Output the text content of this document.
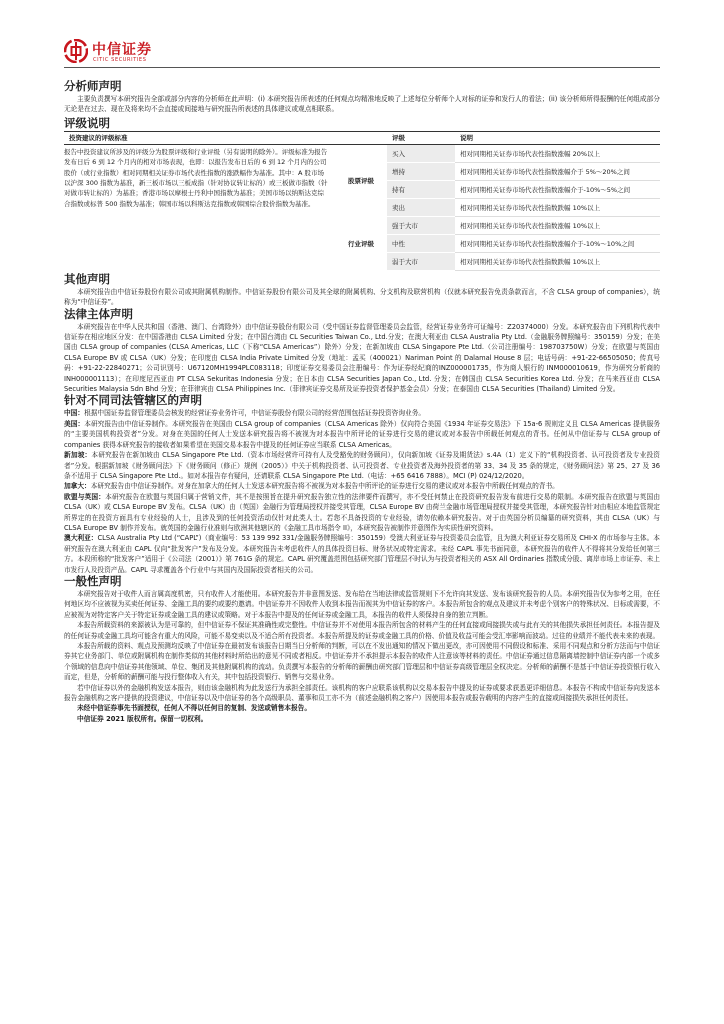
中信证券
CITIC SECURITIES
分析师声明

主要负责撰写本研究报告全部或部分内容的分析师在此声明：(i) 本研究报告所表述的任何观点均精准地反映了上述每位分析师个人对标的证券和发行人的看法；(ii) 该分析师所得报酬的任何组成部分无论是在过去、现在及将来均不会直接或间接地与研究报告所表述的具体建议或观点相联系。

评级说明
投资建议的评级标准		评级	说明
报告中投资建议所涉及的评级分为股票评级和行业评级（另有说明的除外）。评级标准为报告发布日后 6 到 12 个月内的相对市场表现，也即：以报告发布日后的 6 到 12 个月内的公司股价（或行业指数）相对同期相关证券市场代表性指数的涨跌幅作为基准。其中：A 股市场以沪深 300 指数为基准，新三板市场以三板成指（针对协议转让标的）或三板做市指数（针对做市转让标的）为基准；香港市场以摩根士丹利中国指数为基准；美国市场以纳斯达克综合指数或标普 500 指数为基准；韩国市场以科斯达克指数或韩国综合股价指数为基准。	股票评级	买入	相对同期相关证券市场代表性指数涨幅 20%以上
		增持	相对同期相关证券市场代表性指数涨幅介于 5%～20%之间
		持有	相对同期相关证券市场代表性指数涨幅介于-10%～5%之间
		卖出	相对同期相关证券市场代表性指数跌幅 10%以上
	行业评级	强于大市	相对同期相关证券市场代表性指数涨幅 10%以上
		中性	相对同期相关证券市场代表性指数涨幅介于-10%～10%之间
		弱于大市	相对同期相关证券市场代表性指数跌幅 10%以上
其他声明

本研究报告由中信证券股份有限公司或其附属机构制作。中信证券股份有限公司及其全球的附属机构、分支机构及联营机构（仅就本研究报告免责条款而言，不含 CLSA group of companies），统称为“中信证券”。

法律主体声明

本研究报告在中华人民共和国（香港、澳门、台湾除外）由中信证券股份有限公司（受中国证券监督管理委员会监管，经营证券业务许可证编号：Z20374000）分发。本研究报告由下列机构代表中信证券在相应地区分发：在中国香港由 CLSA Limited 分发；在中国台湾由 CL Securities Taiwan Co., Ltd.分发；在澳大利亚由 CLSA Australia Pty Ltd.（金融服务牌照编号：350159）分发；在美国由 CLSA group of companies (CLSA Americas, LLC（下称“CLSA Americas”）除外）分发；在新加坡由 CLSA Singapore Pte Ltd.（公司注册编号：198703750W）分发；在欧盟与英国由 CLSA Europe BV 或 CLSA（UK）分发；在印度由 CLSA India Private Limited 分发（地址：孟买（400021）Nariman Point 的 Dalamal House 8 层；电话号码：+91-22-66505050；传真号码：+91-22-22840271；公司识别号：U67120MH1994PLC083118；印度证券交易委员会注册编号：作为证券经纪商的INZ000001735，作为商人银行的 INM000010619，作为研究分析商的 INH000001113）；在印度尼西亚由 PT CLSA Sekuritas Indonesia 分发；在日本由 CLSA Securities Japan Co., Ltd. 分发；在韩国由 CLSA Securities Korea Ltd. 分发；在马来西亚由 CLSA Securities Malaysia Sdn Bhd 分发；在菲律宾由 CLSA Philippines Inc.（菲律宾证券交易所及证券投资者保护基金会员）分发；在泰国由 CLSA Securities (Thailand) Limited 分发。

针对不同司法管辖区的声明

中国：根据中国证券监督管理委员会核发的经营证券业务许可，中信证券股份有限公司的经营范围包括证券投资咨询业务。

美国：本研究报告由中信证券制作。本研究报告在美国由 CLSA group of companies（CLSA Americas 除外）仅向符合美国《1934 年证券交易法》下 15a-6 规则定义且 CLSA Americas 提供服务的“主要美国机构投资者”分发。对身在美国的任何人士发送本研究报告将不被视为对本报告中所评论的证券进行交易的建议或对本报告中所载任何观点的背书。任何从中信证券与 CLSA group of companies 获得本研究报告的接收者如果希望在美国交易本报告中提及的任何证券应当联系 CLSA Americas。

新加坡：本研究报告在新加坡由 CLSA Singapore Pte Ltd.（资本市场经营许可持有人及受豁免的财务顾问），仅向新加坡《证券及期货法》s.4A（1）定义下的“机构投资者、认可投资者及专业投资者”分发。根据新加坡《财务顾问法》下《财务顾问（修正）规例（2005）》中关于机构投资者、认可投资者、专业投资者及海外投资者的第 33、34 及 35 条的规定，《财务顾问法》第 25、27 及 36 条不适用于 CLSA Singapore Pte Ltd.。如对本报告存有疑问，还请联系 CLSA Singapore Pte Ltd.（电话：+65 6416 7888）。MCI (P) 024/12/2020。

加拿大：本研究报告由中信证券制作。对身在加拿大的任何人士发送本研究报告将不被视为对本报告中所评论的证券进行交易的建议或对本报告中所载任何观点的背书。

欧盟与英国：本研究报告在欧盟与英国归属于营销文件，其不是按照旨在提升研究报告独立性的法律要件而撰写，亦不受任何禁止在投资研究报告发布前进行交易的限制。本研究报告在欧盟与英国由 CLSA（UK）或 CLSA Europe BV 发布。CLSA（UK）由（英国）金融行为管理局授权并接受其管理，CLSA Europe BV 由荷兰金融市场管理局授权并接受其管理，本研究报告针对由相应本地监管规定所界定的在投资方面具有专业经验的人士，且涉及到的任何投资活动仅针对此类人士。若您不具备投资的专业经验，请勿依赖本研究报告。对于由英国分析员编纂的研究资料，其由 CLSA（UK）与 CLSA Europe BV 制作并发布。就英国的金融行业准则与欧洲其他辖区的《金融工具市场指令 II》，本研究报告被制作并意图作为实质性研究资料。

澳大利亚：CLSA Australia Pty Ltd (“CAPL”)（商业编号：53 139 992 331/金融服务牌照编号：350159）受澳大利亚证券与投资委员会监管，且为澳大利亚证券交易所及 CHI-X 的市场参与主体。本研究报告在澳大利亚由 CAPL 仅向“批发客户”发布及分发。本研究报告未考虑收件人的具体投资目标、财务状况或特定需求。未经 CAPL 事先书面同意，本研究报告的收件人不得将其分发给任何第三方。本段所称的“批发客户”适用于《公司法（2001）》第 761G 条的规定。CAPL 研究覆盖范围包括研究部门管理层不时认为与投资者相关的 ASX All Ordinaries 指数成分股、离岸市场上市证券、未上市发行人及投资产品。CAPL 寻求覆盖各个行业中与其国内及国际投资者相关的公司。

一般性声明

本研究报告对于收件人而言属高度机密，只有收件人才能使用。本研究报告并非意图发送、发布给在当地法律或监管规则下不允许向其发送、发布该研究报告的人员。本研究报告仅为参考之用，在任何地区均不应被视为买卖任何证券、金融工具的要约或要约邀请。中信证券并不因收件人收到本报告而视其为中信证券的客户。本报告所包含的观点及建议并未考虑个别客户的特殊状况、目标或需要，不应被视为对特定客户关于特定证券或金融工具的建议或策略。对于本报告中提及的任何证券或金融工具，本报告的收件人须保持自身的独立判断。

本报告所载资料的来源被认为是可靠的，但中信证券不保证其准确性或完整性。中信证券并不对使用本报告所包含的材料产生的任何直接或间接损失或与此有关的其他损失承担任何责任。本报告提及的任何证券或金融工具均可能含有重大的风险，可能不易变卖以及不适合所有投资者。本报告所提及的证券或金融工具的价格、价值及收益可能会受汇率影响而波动。过往的业绩并不能代表未来的表现。

本报告所载的资料、观点及预测均反映了中信证券在最初发布该报告日期当日分析师的判断，可以在不发出通知的情况下做出更改，亦可因使用不同假设和标准、采用不同观点和分析方法而与中信证券其它业务部门、单位或附属机构在制作类似的其他材料时所给出的意见不同或者相反。中信证券并不承担提示本报告的收件人注意该等材料的责任。中信证券通过信息隔离墙控制中信证券内部一个或多个领域的信息向中信证券其他领域、单位、集团及其他附属机构的流动。负责撰写本报告的分析师的薪酬由研究部门管理层和中信证券高级管理层全权决定。分析师的薪酬不是基于中信证券投资银行收入而定，但是，分析师的薪酬可能与投行整体收入有关，其中包括投资银行、销售与交易业务。

若中信证券以外的金融机构发送本报告，则由该金融机构为此发送行为承担全部责任。该机构的客户应联系该机构以交易本报告中提及的证券或要求获悉更详细信息。本报告不构成中信证券向发送本报告金融机构之客户提供的投资建议，中信证券以及中信证券的各个高级职员、董事和员工亦不为（前述金融机构之客户）因使用本报告或报告载明的内容产生的直接或间接损失承担任何责任。

未经中信证券事先书面授权，任何人不得以任何目的复制、发送或销售本报告。

中信证券 2021 版权所有。保留一切权利。
